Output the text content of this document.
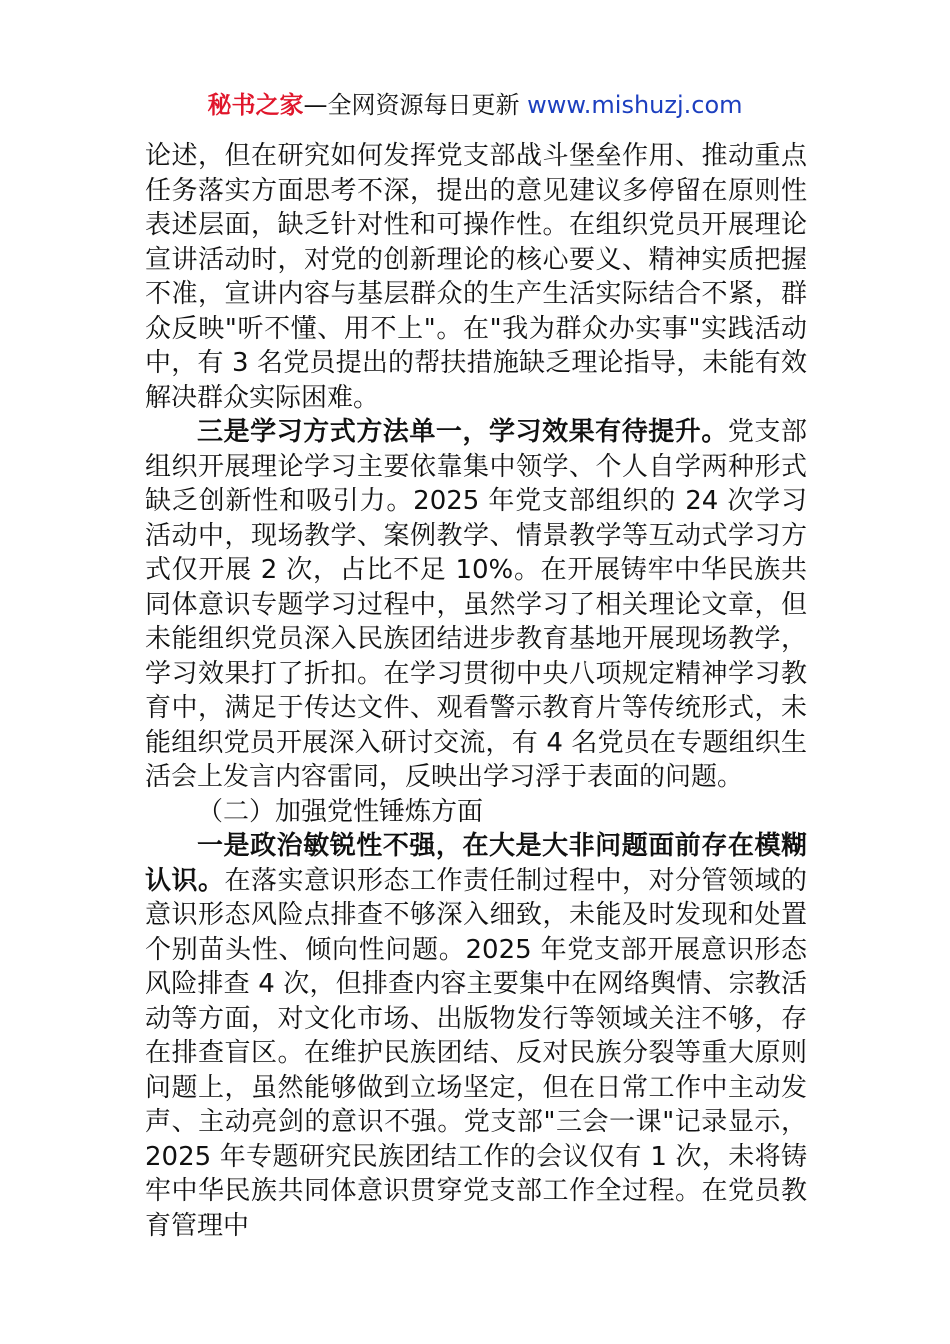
秘书之家—全网资源每日更新 www.mishuzj.com

论述，但在研究如何发挥党支部战斗堡垒作用、推动重点任务落实方面思考不深，提出的意见建议多停留在原则性表述层面，缺乏针对性和可操作性。在组织党员开展理论宣讲活动时，对党的创新理论的核心要义、精神实质把握不准，宣讲内容与基层群众的生产生活实际结合不紧，群众反映"听不懂、用不上"。在"我为群众办实事"实践活动中，有 3 名党员提出的帮扶措施缺乏理论指导，未能有效解决群众实际困难。

三是学习方式方法单一，学习效果有待提升。党支部组织开展理论学习主要依靠集中领学、个人自学两种形式缺乏创新性和吸引力。2025 年党支部组织的 24 次学习活动中，现场教学、案例教学、情景教学等互动式学习方式仅开展 2 次，占比不足 10%。在开展铸牢中华民族共同体意识专题学习过程中，虽然学习了相关理论文章，但未能组织党员深入民族团结进步教育基地开展现场教学，学习效果打了折扣。在学习贯彻中央八项规定精神学习教育中，满足于传达文件、观看警示教育片等传统形式，未能组织党员开展深入研讨交流，有 4 名党员在专题组织生活会上发言内容雷同，反映出学习浮于表面的问题。

（二）加强党性锤炼方面

一是政治敏锐性不强，在大是大非问题面前存在模糊认识。在落实意识形态工作责任制过程中，对分管领域的意识形态风险点排查不够深入细致，未能及时发现和处置个别苗头性、倾向性问题。2025 年党支部开展意识形态风险排查 4 次，但排查内容主要集中在网络舆情、宗教活动等方面，对文化市场、出版物发行等领域关注不够，存在排查盲区。在维护民族团结、反对民族分裂等重大原则问题上，虽然能够做到立场坚定，但在日常工作中主动发声、主动亮剑的意识不强。党支部"三会一课"记录显示，2025 年专题研究民族团结工作的会议仅有 1 次，未将铸牢中华民族共同体意识贯穿党支部工作全过程。在党员教育管理中
